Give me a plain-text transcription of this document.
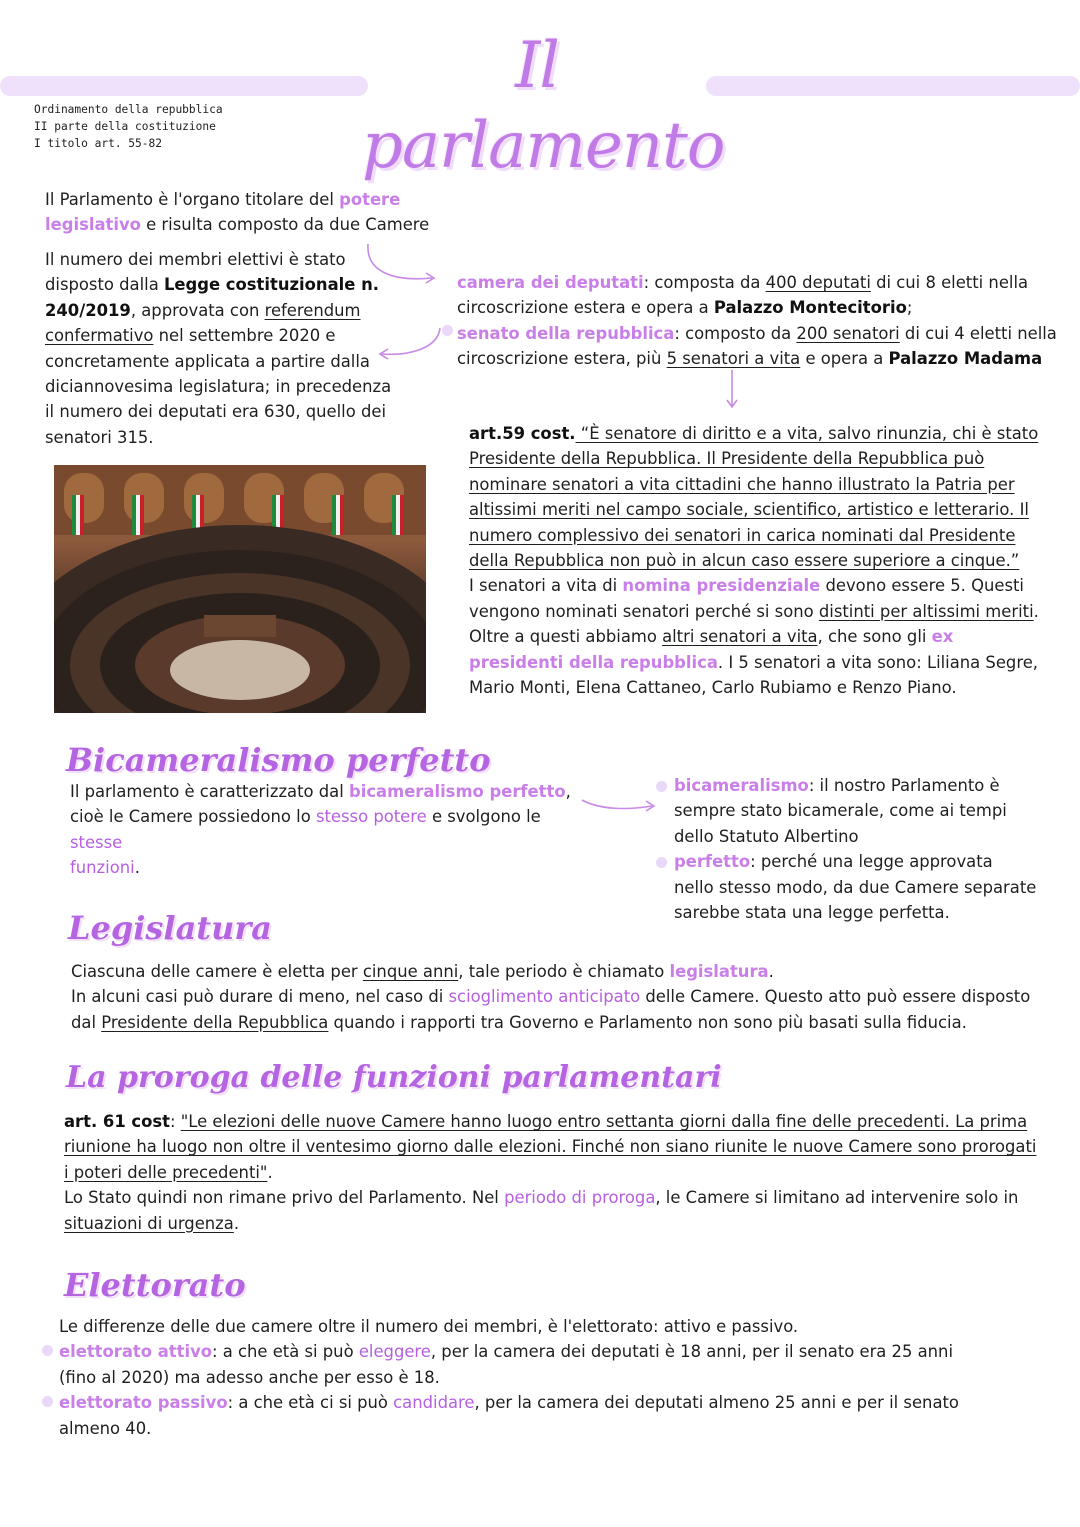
Il parlamento
Ordinamento della repubblica
II parte della costituzione
I titolo art. 55-82
Il Parlamento è l'organo titolare del potere
legislativo e risulta composto da due Camere
Il numero dei membri elettivi è stato
disposto dalla Legge costituzionale n.
240/2019, approvata con referendum
confermativo nel settembre 2020 e
concretamente applicata a partire dalla
diciannovesima legislatura; in precedenza
il numero dei deputati era 630, quello dei
senatori 315.
camera dei deputati: composta da 400 deputati di cui 8 eletti nella
circoscrizione estera e opera a Palazzo Montecitorio;
senato della repubblica: composto da 200 senatori di cui 4 eletti nella
circoscrizione estera, più 5 senatori a vita e opera a Palazzo Madama
art.59 cost. “È senatore di diritto e a vita, salvo rinunzia, chi è stato
Presidente della Repubblica. Il Presidente della Repubblica può
nominare senatori a vita cittadini che hanno illustrato la Patria per
altissimi meriti nel campo sociale, scientifico, artistico e letterario. Il
numero complessivo dei senatori in carica nominati dal Presidente
della Repubblica non può in alcun caso essere superiore a cinque.”
I senatori a vita di nomina presidenziale devono essere 5. Questi
vengono nominati senatori perché si sono distinti per altissimi meriti.
Oltre a questi abbiamo altri senatori a vita, che sono gli ex
presidenti della repubblica. I 5 senatori a vita sono: Liliana Segre,
Mario Monti, Elena Cattaneo, Carlo Rubiamo e Renzo Piano.
Bicameralismo perfetto
Il parlamento è caratterizzato dal bicameralismo perfetto,
cioè le Camere possiedono lo stesso potere e svolgono le stesse
funzioni.
bicameralismo: il nostro Parlamento è
sempre stato bicamerale, come ai tempi
dello Statuto Albertino
perfetto: perché una legge approvata
nello stesso modo, da due Camere separate
sarebbe stata una legge perfetta.
Legislatura
Ciascuna delle camere è eletta per cinque anni, tale periodo è chiamato legislatura.
In alcuni casi può durare di meno, nel caso di scioglimento anticipato delle Camere. Questo atto può essere disposto
dal Presidente della Repubblica quando i rapporti tra Governo e Parlamento non sono più basati sulla fiducia.
La proroga delle funzioni parlamentari
art. 61 cost: "Le elezioni delle nuove Camere hanno luogo entro settanta giorni dalla fine delle precedenti. La prima
riunione ha luogo non oltre il ventesimo giorno dalle elezioni. Finché non siano riunite le nuove Camere sono prorogati
i poteri delle precedenti".
Lo Stato quindi non rimane privo del Parlamento. Nel periodo di proroga, le Camere si limitano ad intervenire solo in
situazioni di urgenza.
Elettorato
Le differenze delle due camere oltre il numero dei membri, è l'elettorato: attivo e passivo.
elettorato attivo: a che età si può eleggere, per la camera dei deputati è 18 anni, per il senato era 25 anni
(fino al 2020) ma adesso anche per esso è 18.
elettorato passivo: a che età ci si può candidare, per la camera dei deputati almeno 25 anni e per il senato
almeno 40.
